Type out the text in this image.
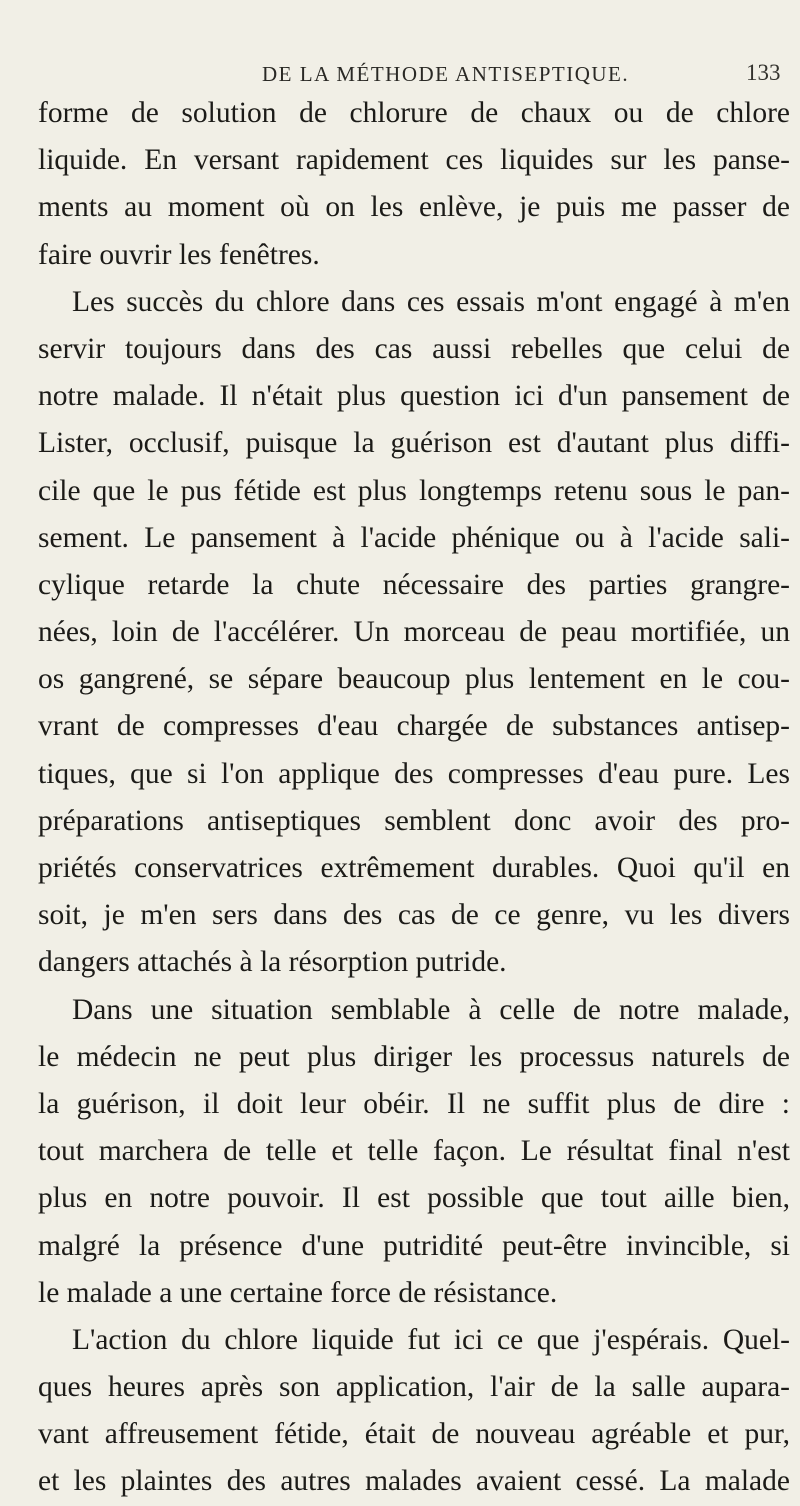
DE LA MÉTHODE ANTISEPTIQUE.	133
forme de solution de chlorure de chaux ou de chlore
liquide. En versant rapidement ces liquides sur les panse-
ments au moment où on les enlève, je puis me passer de
faire ouvrir les fenêtres.
Les succès du chlore dans ces essais m'ont engagé à m'en
servir toujours dans des cas aussi rebelles que celui de
notre malade. Il n'était plus question ici d'un pansement de
Lister, occlusif, puisque la guérison est d'autant plus diffi-
cile que le pus fétide est plus longtemps retenu sous le pan-
sement. Le pansement à l'acide phénique ou à l'acide sali-
cylique retarde la chute nécessaire des parties grangre-
nées, loin de l'accélérer. Un morceau de peau mortifiée, un
os gangrené, se sépare beaucoup plus lentement en le cou-
vrant de compresses d'eau chargée de substances antisep-
tiques, que si l'on applique des compresses d'eau pure. Les
préparations antiseptiques semblent donc avoir des pro-
priétés conservatrices extrêmement durables. Quoi qu'il en
soit, je m'en sers dans des cas de ce genre, vu les divers
dangers attachés à la résorption putride.
Dans une situation semblable à celle de notre malade,
le médecin ne peut plus diriger les processus naturels de
la guérison, il doit leur obéir. Il ne suffit plus de dire :
tout marchera de telle et telle façon. Le résultat final n'est
plus en notre pouvoir. Il est possible que tout aille bien,
malgré la présence d'une putridité peut-être invincible, si
le malade a une certaine force de résistance.
L'action du chlore liquide fut ici ce que j'espérais. Quel-
ques heures après son application, l'air de la salle aupara-
vant affreusement fétide, était de nouveau agréable et pur,
et les plaintes des autres malades avaient cessé. La malade
